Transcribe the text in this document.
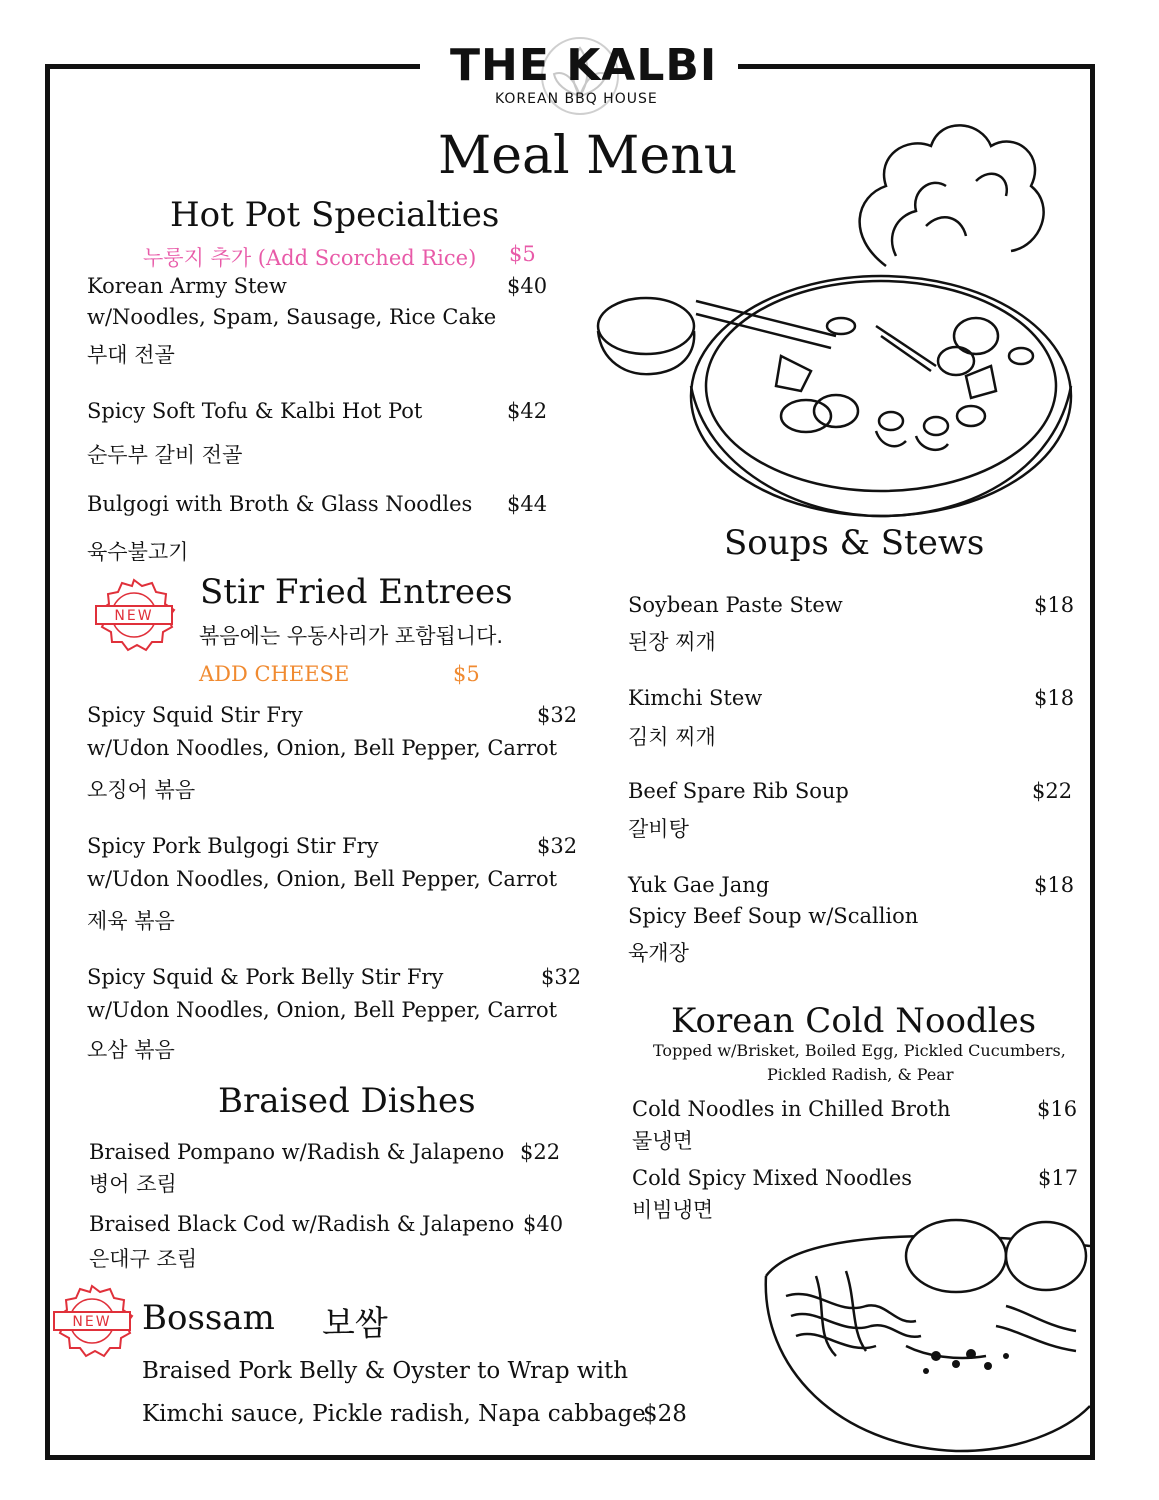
THE KALBI
KOREAN BBQ HOUSE
Meal Menu
Hot Pot Specialties
누룽지 추가 (Add Scorched Rice) $5
Korean Army Stew	$40
w/Noodles, Spam, Sausage, Rice Cake
부대 전골
Spicy Soft Tofu & Kalbi Hot Pot	$42
순두부 갈비 전골
Bulgogi with Broth & Glass Noodles $44
육수불고기
NEW
Stir Fried Entrees
볶음에는 우동사리가 포함됩니다.
ADD CHEESE	$5
Spicy Squid Stir Fry	$32
w/Udon Noodles, Onion, Bell Pepper, Carrot
오징어 볶음
Spicy Pork Bulgogi Stir Fry	$32
w/Udon Noodles, Onion, Bell Pepper, Carrot
제육 볶음
Spicy Squid & Pork Belly Stir Fry	$32
w/Udon Noodles, Onion, Bell Pepper, Carrot
오삼 볶음
Braised Dishes
Braised Pompano w/Radish & Jalapeno $22
병어 조림
Braised Black Cod w/Radish & Jalapeno $40
은대구 조림
NEW Bossam 보쌈
Braised Pork Belly & Oyster to Wrap with
Kimchi sauce, Pickle radish, Napa cabbage
$28
Soups & Stews
Soybean Paste Stew	$18
된장 찌개
Kimchi Stew	$18
김치 찌개
Beef Spare Rib Soup	$22
갈비탕
Yuk Gae Jang	$18
Spicy Beef Soup w/Scallion
육개장
Korean Cold Noodles
Topped w/Brisket, Boiled Egg, Pickled Cucumbers,
Pickled Radish, & Pear
Cold Noodles in Chilled Broth	$16
물냉면
Cold Spicy Mixed Noodles	$17
비빔냉면
